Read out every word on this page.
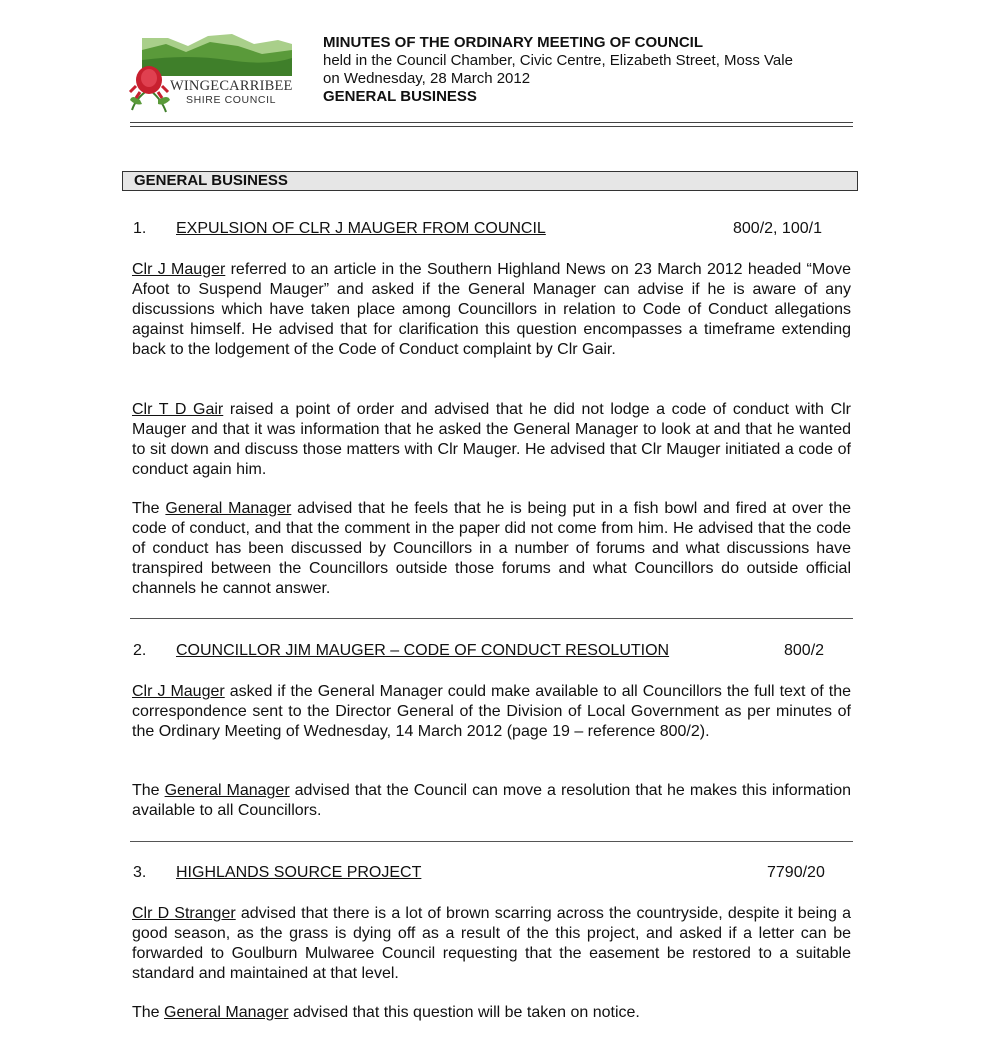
WINGECARRIBEE
SHIRE COUNCIL
MINUTES OF THE ORDINARY MEETING OF COUNCIL
held in the Council Chamber, Civic Centre, Elizabeth Street, Moss Vale
on Wednesday, 28 March 2012
GENERAL BUSINESS
GENERAL BUSINESS
1. EXPULSION OF CLR J MAUGER FROM COUNCIL	800/2, 100/1

Clr J Mauger referred to an article in the Southern Highland News on 23 March 2012 headed “Move Afoot to Suspend Mauger” and asked if the General Manager can advise if he is aware of any discussions which have taken place among Councillors in relation to Code of Conduct allegations against himself. He advised that for clarification this question encompasses a timeframe extending back to the lodgement of the Code of Conduct complaint by Clr Gair.

Clr T D Gair raised a point of order and advised that he did not lodge a code of conduct with Clr Mauger and that it was information that he asked the General Manager to look at and that he wanted to sit down and discuss those matters with Clr Mauger. He advised that Clr Mauger initiated a code of conduct again him.

The General Manager advised that he feels that he is being put in a fish bowl and fired at over the code of conduct, and that the comment in the paper did not come from him. He advised that the code of conduct has been discussed by Councillors in a number of forums and what discussions have transpired between the Councillors outside those forums and what Councillors do outside official channels he cannot answer.

2. COUNCILLOR JIM MAUGER – CODE OF CONDUCT RESOLUTION	800/2

Clr J Mauger asked if the General Manager could make available to all Councillors the full text of the correspondence sent to the Director General of the Division of Local Government as per minutes of the Ordinary Meeting of Wednesday, 14 March 2012 (page 19 – reference 800/2).

The General Manager advised that the Council can move a resolution that he makes this information available to all Councillors.

3. HIGHLANDS SOURCE PROJECT	7790/20

Clr D Stranger advised that there is a lot of brown scarring across the countryside, despite it being a good season, as the grass is dying off as a result of the this project, and asked if a letter can be forwarded to Goulburn Mulwaree Council requesting that the easement be restored to a suitable standard and maintained at that level.

The General Manager advised that this question will be taken on notice.
